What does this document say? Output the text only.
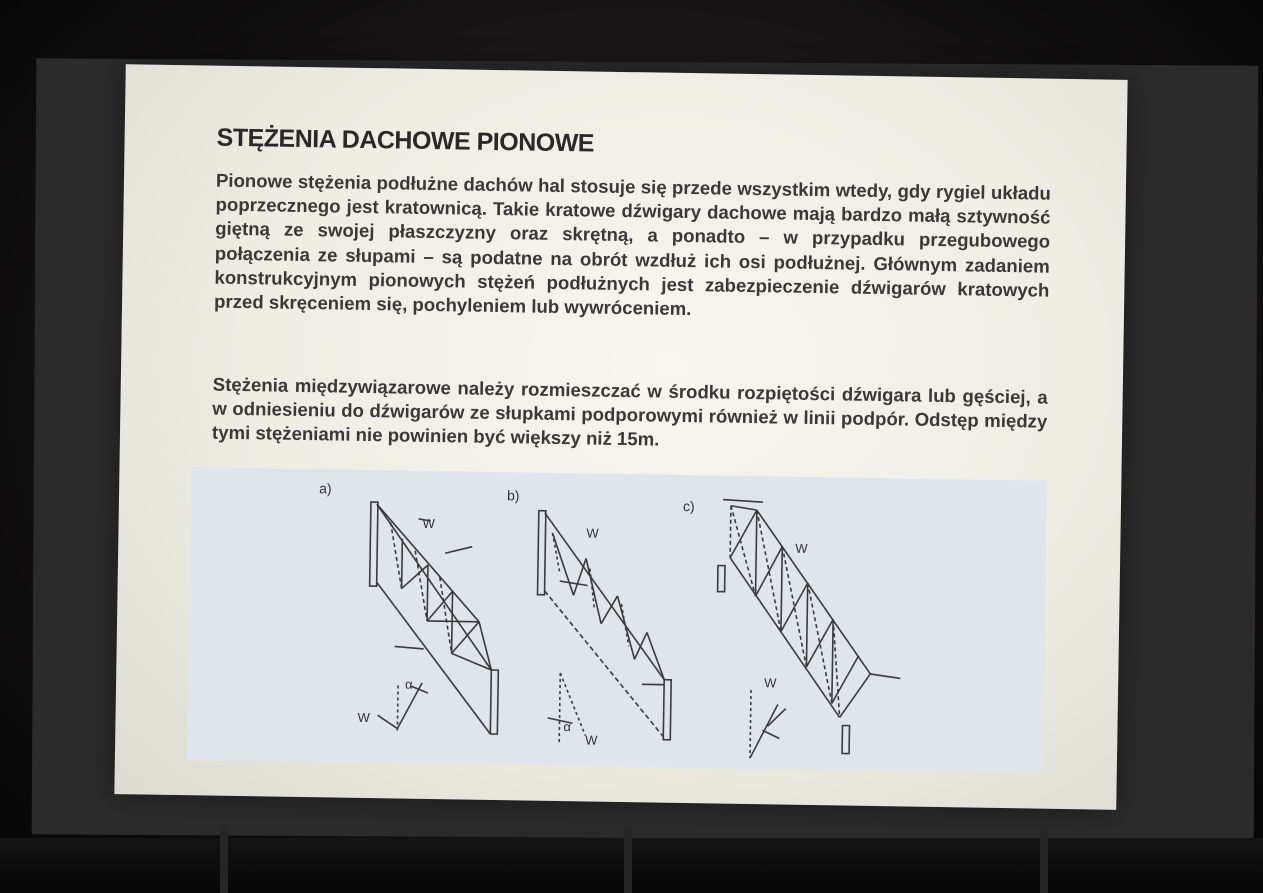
STĘŻENIA DACHOWE PIONOWE

Pionowe stężenia podłużne dachów hal stosuje się przede wszystkim wtedy, gdy rygiel układu poprzecznego jest kratownicą. Takie kratowe dźwigary dachowe mają bardzo małą sztywność giętną ze swojej płaszczyzny oraz skrętną, a ponadto – w przypadku przegubowego połączenia ze słupami – są podatne na obrót wzdłuż ich osi podłużnej. Głównym zadaniem konstrukcyjnym pionowych stężeń podłużnych jest zabezpieczenie dźwigarów kratowych przed skręceniem się, pochyleniem lub wywróceniem.

Stężenia międzywiązarowe należy rozmieszczać w środku rozpiętości dźwigara lub gęściej, a w odniesieniu do dźwigarów ze słupkami podporowymi również w linii podpór. Odstęp między tymi stężeniami nie powinien być większy niż 15m.

a)	b)
c)
W
W
W
W
W
W
α
α
